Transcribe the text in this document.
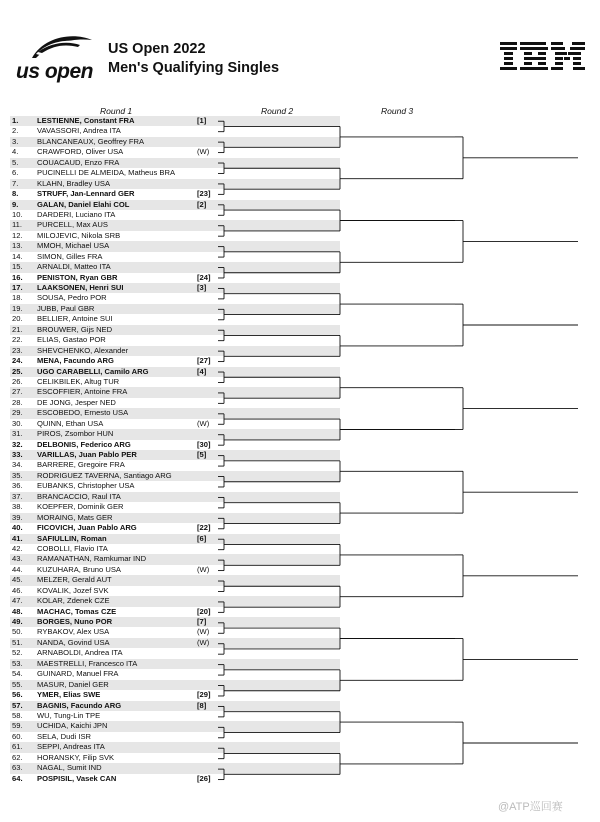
us open
US Open 2022
Men's Qualifying Singles
Round 1	Round 2	Round 3
1.	LESTIENNE, Constant FRA	[1]
2.	VAVASSORI, Andrea ITA
3.	BLANCANEAUX, Geoffrey FRA
4.	CRAWFORD, Oliver USA	(W)
5.	COUACAUD, Enzo FRA
6.	PUCINELLI DE ALMEIDA, Matheus BRA
7.	KLAHN, Bradley USA
8.	STRUFF, Jan-Lennard GER	[23]
9.	GALAN, Daniel Elahi COL	[2]
10.	DARDERI, Luciano ITA
11.	PURCELL, Max AUS
12.	MILOJEVIC, Nikola SRB
13.	MMOH, Michael USA
14.	SIMON, Gilles FRA
15.	ARNALDI, Matteo ITA
16.	PENISTON, Ryan GBR	[24]
17.	LAAKSONEN, Henri SUI	[3]
18.	SOUSA, Pedro POR
19.	JUBB, Paul GBR
20.	BELLIER, Antoine SUI
21.	BROUWER, Gijs NED
22.	ELIAS, Gastao POR
23.	SHEVCHENKO, Alexander
24.	MENA, Facundo ARG	[27]
25.	UGO CARABELLI, Camilo ARG	[4]
26.	CELIKBILEK, Altug TUR
27.	ESCOFFIER, Antoine FRA
28.	DE JONG, Jesper NED
29.	ESCOBEDO, Ernesto USA
30.	QUINN, Ethan USA	(W)
31.	PIROS, Zsombor HUN
32.	DELBONIS, Federico ARG	[30]
33.	VARILLAS, Juan Pablo PER	[5]
34.	BARRERE, Gregoire FRA
35.	RODRIGUEZ TAVERNA, Santiago ARG
36.	EUBANKS, Christopher USA
37.	BRANCACCIO, Raul ITA
38.	KOEPFER, Dominik GER
39.	MORAING, Mats GER
40.	FICOVICH, Juan Pablo ARG	[22]
41.	SAFIULLIN, Roman	[6]
42.	COBOLLI, Flavio ITA
43.	RAMANATHAN, Ramkumar IND
44.	KUZUHARA, Bruno USA	(W)
45.	MELZER, Gerald AUT
46.	KOVALIK, Jozef SVK
47.	KOLAR, Zdenek CZE
48.	MACHAC, Tomas CZE	[20]
49.	BORGES, Nuno POR	[7]
50.	RYBAKOV, Alex USA	(W)
51.	NANDA, Govind USA	(W)
52.	ARNABOLDI, Andrea ITA
53.	MAESTRELLI, Francesco ITA
54.	GUINARD, Manuel FRA
55.	MASUR, Daniel GER
56.	YMER, Elias SWE	[29]
57.	BAGNIS, Facundo ARG	[8]
58.	WU, Tung-Lin TPE
59.	UCHIDA, Kaichi JPN
60.	SELA, Dudi ISR
61.	SEPPI, Andreas ITA
62.	HORANSKY, Filip SVK
63.	NAGAL, Sumit IND
64.	POSPISIL, Vasek CAN	[26]
@ATP巡回赛
